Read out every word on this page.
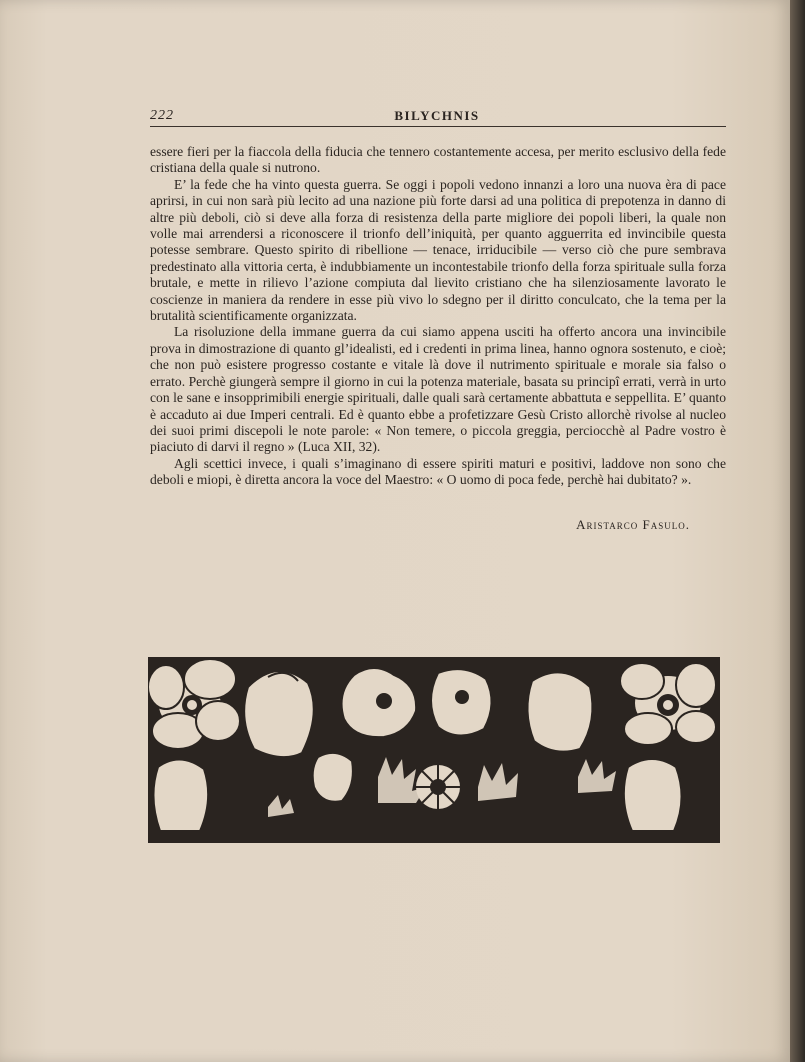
222	BILYCHNIS

essere fieri per la fiaccola della fiducia che tennero costantemente accesa, per merito esclusivo della fede cristiana della quale si nutrono.

E’ la fede che ha vinto questa guerra. Se oggi i popoli vedono innanzi a loro una nuova èra di pace aprirsi, in cui non sarà più lecito ad una nazione più forte darsi ad una politica di prepotenza in danno di altre più deboli, ciò si deve alla forza di resistenza della parte migliore dei popoli liberi, la quale non volle mai arrendersi a riconoscere il trionfo dell’iniquità, per quanto agguerrita ed invincibile questa potesse sembrare. Questo spirito di ribellione — tenace, irriducibile — verso ciò che pure sembrava predestinato alla vittoria certa, è indubbiamente un incontestabile trionfo della forza spirituale sulla forza brutale, e mette in rilievo l’azione compiuta dal lievito cristiano che ha silenziosamente lavorato le coscienze in maniera da rendere in esse più vivo lo sdegno per il diritto conculcato, che la tema per la brutalità scientificamente organizzata.

La risoluzione della immane guerra da cui siamo appena usciti ha offerto ancora una invincibile prova in dimostrazione di quanto gl’idealisti, ed i credenti in prima linea, hanno ognora sostenuto, e cioè; che non può esistere progresso costante e vitale là dove il nutrimento spirituale e morale sia falso o errato. Perchè giungerà sempre il giorno in cui la potenza materiale, basata su principî errati, verrà in urto con le sane e insopprimibili energie spirituali, dalle quali sarà certamente abbattuta e seppellita. E’ quanto è accaduto ai due Imperi centrali. Ed è quanto ebbe a profetizzare Gesù Cristo allorchè rivolse al nucleo dei suoi primi discepoli le note parole: « Non temere, o piccola greggia, perciocchè al Padre vostro è piaciuto di darvi il regno » (Luca XII, 32).

Agli scettici invece, i quali s’imaginano di essere spiriti maturi e positivi, laddove non sono che deboli e miopi, è diretta ancora la voce del Maestro: « O uomo di poca fede, perchè hai dubitato? ».

Aristarco Fasulo.
